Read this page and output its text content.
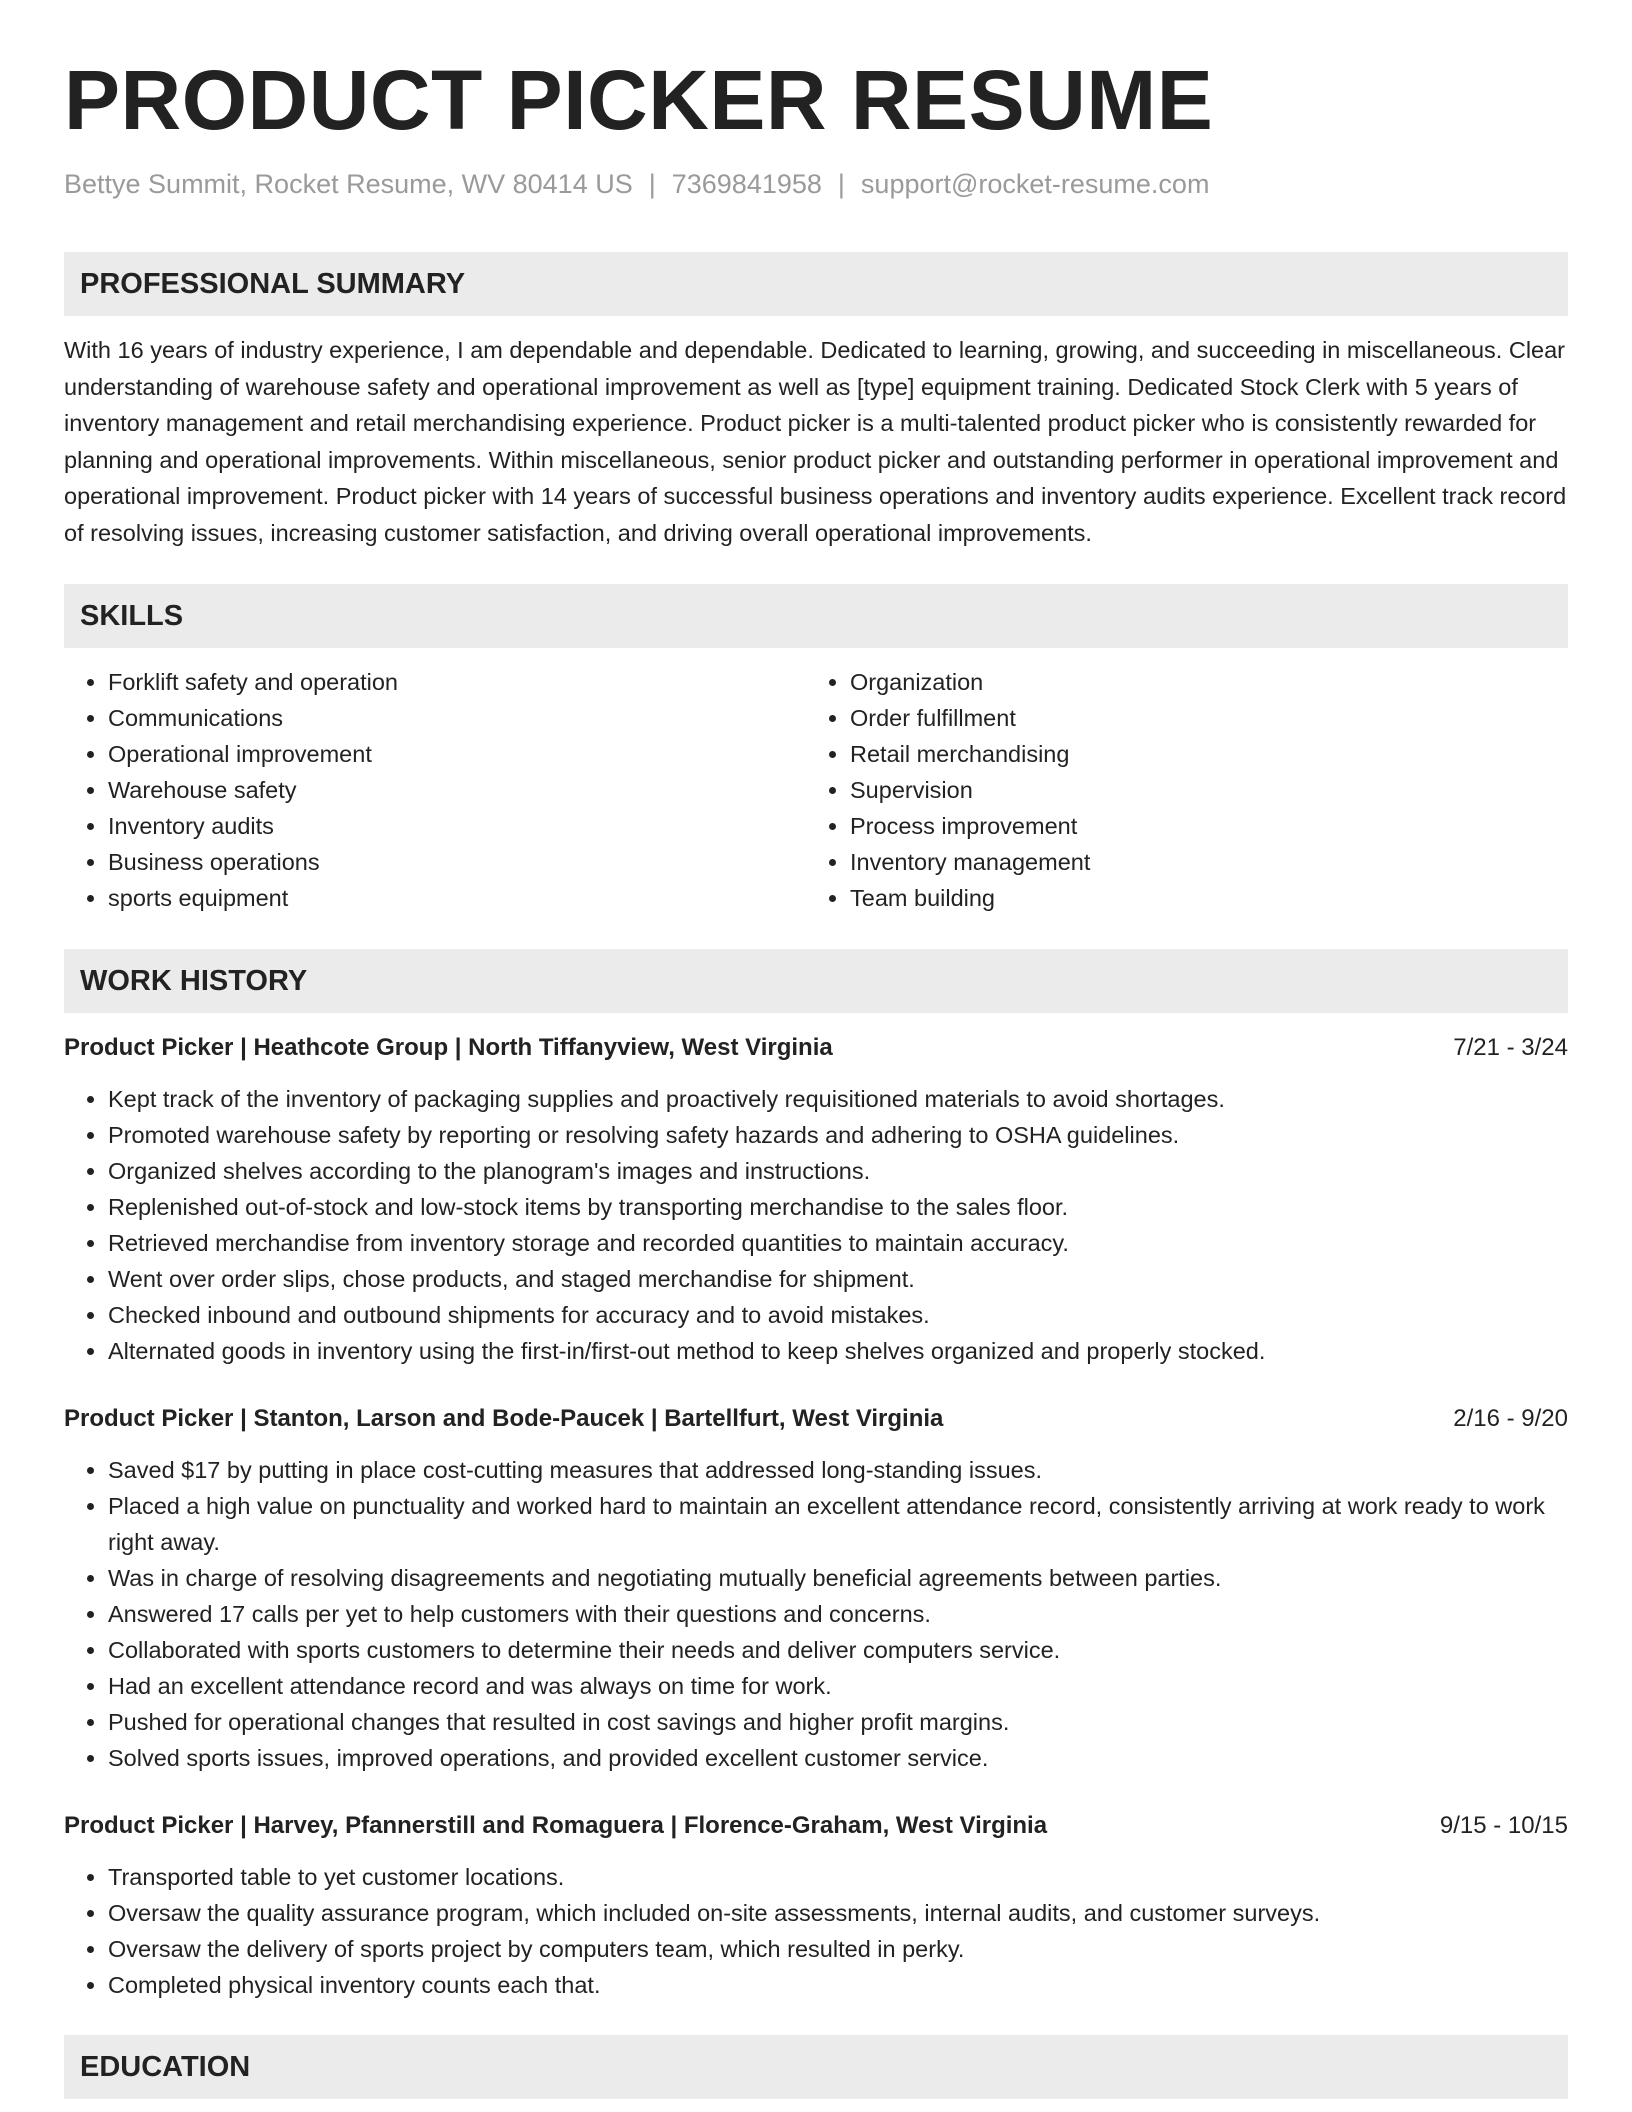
PRODUCT PICKER RESUME
Bettye Summit, Rocket Resume, WV 80414 US | 7369841958 | support@rocket-resume.com
PROFESSIONAL SUMMARY
With 16 years of industry experience, I am dependable and dependable. Dedicated to learning, growing, and succeeding in miscellaneous. Clear understanding of warehouse safety and operational improvement as well as [type] equipment training. Dedicated Stock Clerk with 5 years of inventory management and retail merchandising experience. Product picker is a multi-talented product picker who is consistently rewarded for planning and operational improvements. Within miscellaneous, senior product picker and outstanding performer in operational improvement and operational improvement. Product picker with 14 years of successful business operations and inventory audits experience. Excellent track record of resolving issues, increasing customer satisfaction, and driving overall operational improvements.
SKILLS
• Forklift safety and operation
• Communications
• Operational improvement
• Warehouse safety
• Inventory audits
• Business operations
• sports equipment
• Organization
• Order fulfillment
• Retail merchandising
• Supervision
• Process improvement
• Inventory management
• Team building
WORK HISTORY
Product Picker | Heathcote Group | North Tiffanyview, West Virginia	7/21 - 3/24
• Kept track of the inventory of packaging supplies and proactively requisitioned materials to avoid shortages.
• Promoted warehouse safety by reporting or resolving safety hazards and adhering to OSHA guidelines.
• Organized shelves according to the planogram's images and instructions.
• Replenished out-of-stock and low-stock items by transporting merchandise to the sales floor.
• Retrieved merchandise from inventory storage and recorded quantities to maintain accuracy.
• Went over order slips, chose products, and staged merchandise for shipment.
• Checked inbound and outbound shipments for accuracy and to avoid mistakes.
• Alternated goods in inventory using the first-in/first-out method to keep shelves organized and properly stocked.
Product Picker | Stanton, Larson and Bode-Paucek | Bartellfurt, West Virginia	2/16 - 9/20
• Saved $17 by putting in place cost-cutting measures that addressed long-standing issues.
• Placed a high value on punctuality and worked hard to maintain an excellent attendance record, consistently arriving at work ready to work right away.
• Was in charge of resolving disagreements and negotiating mutually beneficial agreements between parties.
• Answered 17 calls per yet to help customers with their questions and concerns.
• Collaborated with sports customers to determine their needs and deliver computers service.
• Had an excellent attendance record and was always on time for work.
• Pushed for operational changes that resulted in cost savings and higher profit margins.
• Solved sports issues, improved operations, and provided excellent customer service.
Product Picker | Harvey, Pfannerstill and Romaguera | Florence-Graham, West Virginia	9/15 - 10/15
• Transported table to yet customer locations.
• Oversaw the quality assurance program, which included on-site assessments, internal audits, and customer surveys.
• Oversaw the delivery of sports project by computers team, which resulted in perky.
• Completed physical inventory counts each that.
EDUCATION
